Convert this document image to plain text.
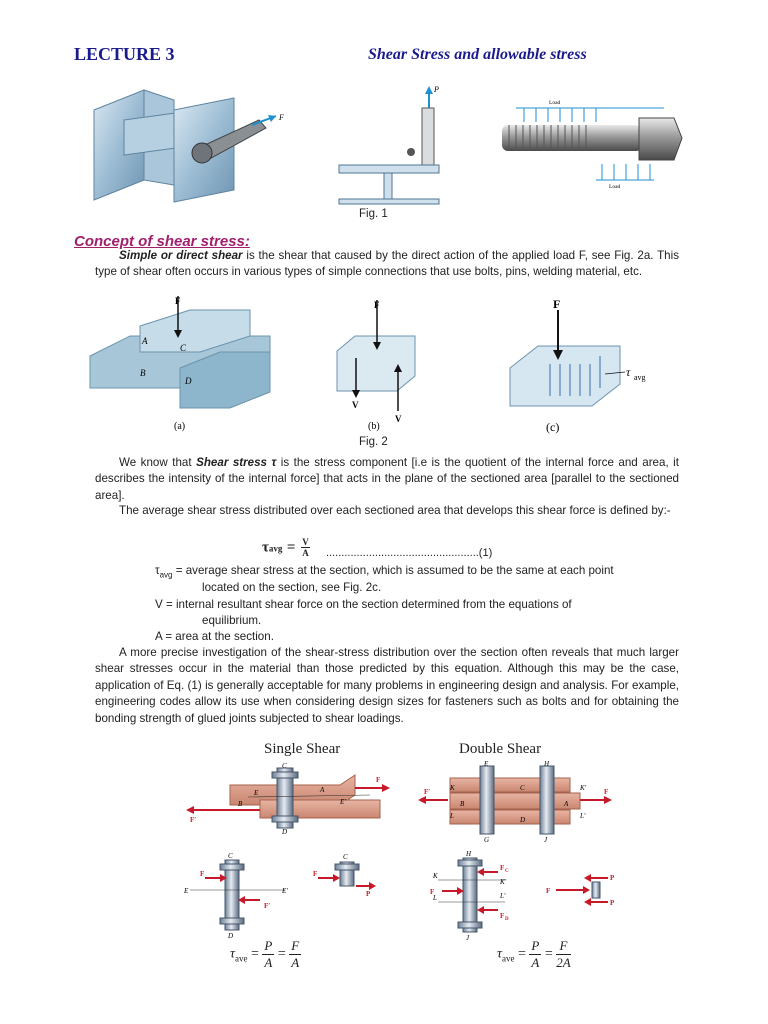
LECTURE 3	Shear Stress and allowable stress
F
P
Load
Load
Fig. 1
Concept of shear stress:
Simple or direct shear is the shear that caused by the direct action of the applied load F, see Fig. 2a. This type of shear often occurs in various types of simple connections that use bolts, pins, welding material, etc.
F
A
C
B
D
(a)
F
V
V
(b)
F
τ avg
(c)
Fig. 2
We know that Shear stress τ is the stress component [i.e is the quotient of the internal force and area, it describes the intensity of the internal force] that acts in the plane of the sectioned area [parallel to the sectioned area].
The average shear stress distributed over each sectioned area that develops this shear force is defined by:-
$\tau avg = \frac{V}{A} ..................................................(1)$
$\tau_{avg}$ = average shear stress at the section, which is assumed to be the same at each point
located on the section, see Fig. 2c.
V = internal resultant shear force on the section determined from the equations of
equilibrium.
A = area at the section.
A more precise investigation of the shear-stress distribution over the section often reveals that much larger shear stresses occur in the material than those predicted by this equation. Although this may be the case, application of Eq. (1) is generally acceptable for many problems in engineering design and analysis. For example, engineering codes allow its use when considering design sizes for fasteners such as bolts and for obtaining the bonding strength of glued joints subjected to shear loadings.
Single Shear	Double Shear
C
D
E
E′
A
B
F
F′
F′	F
E	H
C
D
B	A
K	K′
L	L′
G	J
C
D
E	E′
F
F′
C
F
P
H
J
K
L
K′
L′
F
F C
F D
F
P
P
$\tau_{ave} = \frac{P}{A} = \frac{F}{A}$	$\tau_{ave} = \frac{P}{A} = \frac{F}{2A}$
